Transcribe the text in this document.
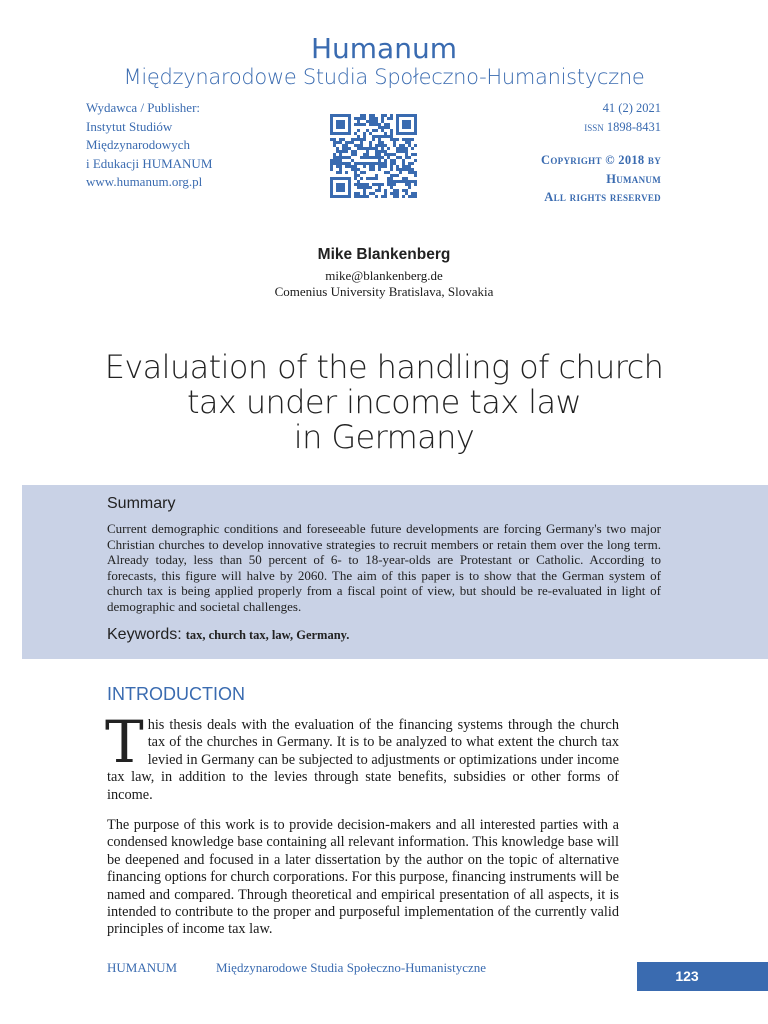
Humanum
Międzynarodowe Studia Społeczno-Humanistyczne
Wydawca / Publisher:
Instytut Studiów
Międzynarodowych
i Edukacji HUMANUM
www.humanum.org.pl
41 (2) 2021
issn 1898-8431
Copyright © 2018 by
Humanum
All rights reserved
Mike Blankenberg
mike@blankenberg.de
Comenius University Bratislava, Slovakia
Evaluation of the handling of church
tax under income tax law
in Germany
Summary
Current demographic conditions and foreseeable future developments are forcing Germany's two major Christian churches to develop innovative strategies to recruit members or retain them over the long term. Already today, less than 50 percent of 6- to 18-year-olds are Protestant or Catholic. According to forecasts, this figure will halve by 2060. The aim of this paper is to show that the German system of church tax is being applied properly from a fiscal point of view, but should be re-evaluated in light of demographic and societal challenges.
Keywords: tax, church tax, law, Germany.
INTRODUCTION
This thesis deals with the evaluation of the financing systems through the church tax of the churches in Germany. It is to be analyzed to what extent the church tax levied in Germany can be subjected to adjustments or optimizations under income tax law, in addition to the levies through state benefits, subsidies or other forms of income.
The purpose of this work is to provide decision-makers and all interested parties with a condensed knowledge base containing all relevant information. This knowledge base will be deepened and focused in a later dissertation by the author on the topic of alternative financing options for church corporations. For this purpose, financing instruments will be named and compared. Through theoretical and empirical presentation of all aspects, it is intended to contribute to the proper and purposeful implementation of the currently valid principles of income tax law.
HUMANUM	Międzynarodowe Studia Społeczno-Humanistyczne
123
